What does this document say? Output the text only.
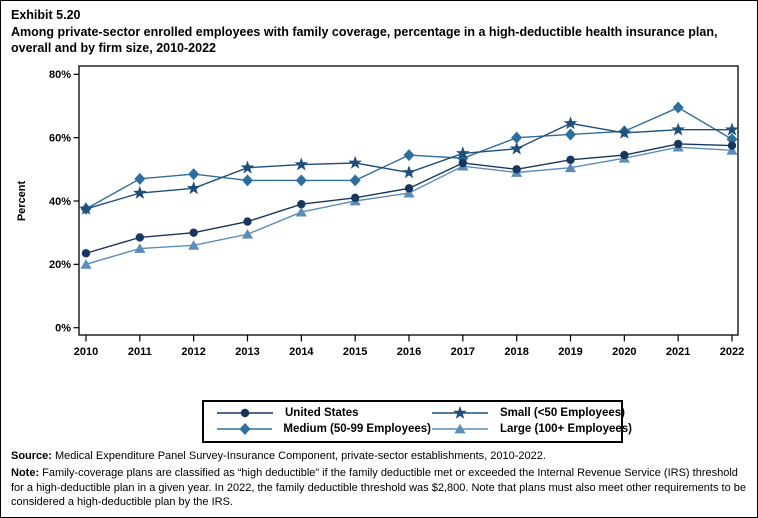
Exhibit 5.20
Among private-sector enrolled employees with family coverage, percentage in a high-deductible health insurance plan, overall and by firm size, 2010-2022
0%
20%
40%
60%
80%
2010	2011	2012	2013	2014	2015	2016	2017	2018	2019	2020	2021	2022
Percent
United States	Small (<50 Employees)
Medium (50-99 Employees)	Large (100+ Employees)

Source: Medical Expenditure Panel Survey-Insurance Component, private-sector establishments, 2010-2022.

Note: Family-coverage plans are classified as “high deductible” if the family deductible met or exceeded the Internal Revenue Service (IRS) threshold for a high-deductible plan in a given year. In 2022, the family deductible threshold was $2,800. Note that plans must also meet other requirements to be considered a high-deductible plan by the IRS.
